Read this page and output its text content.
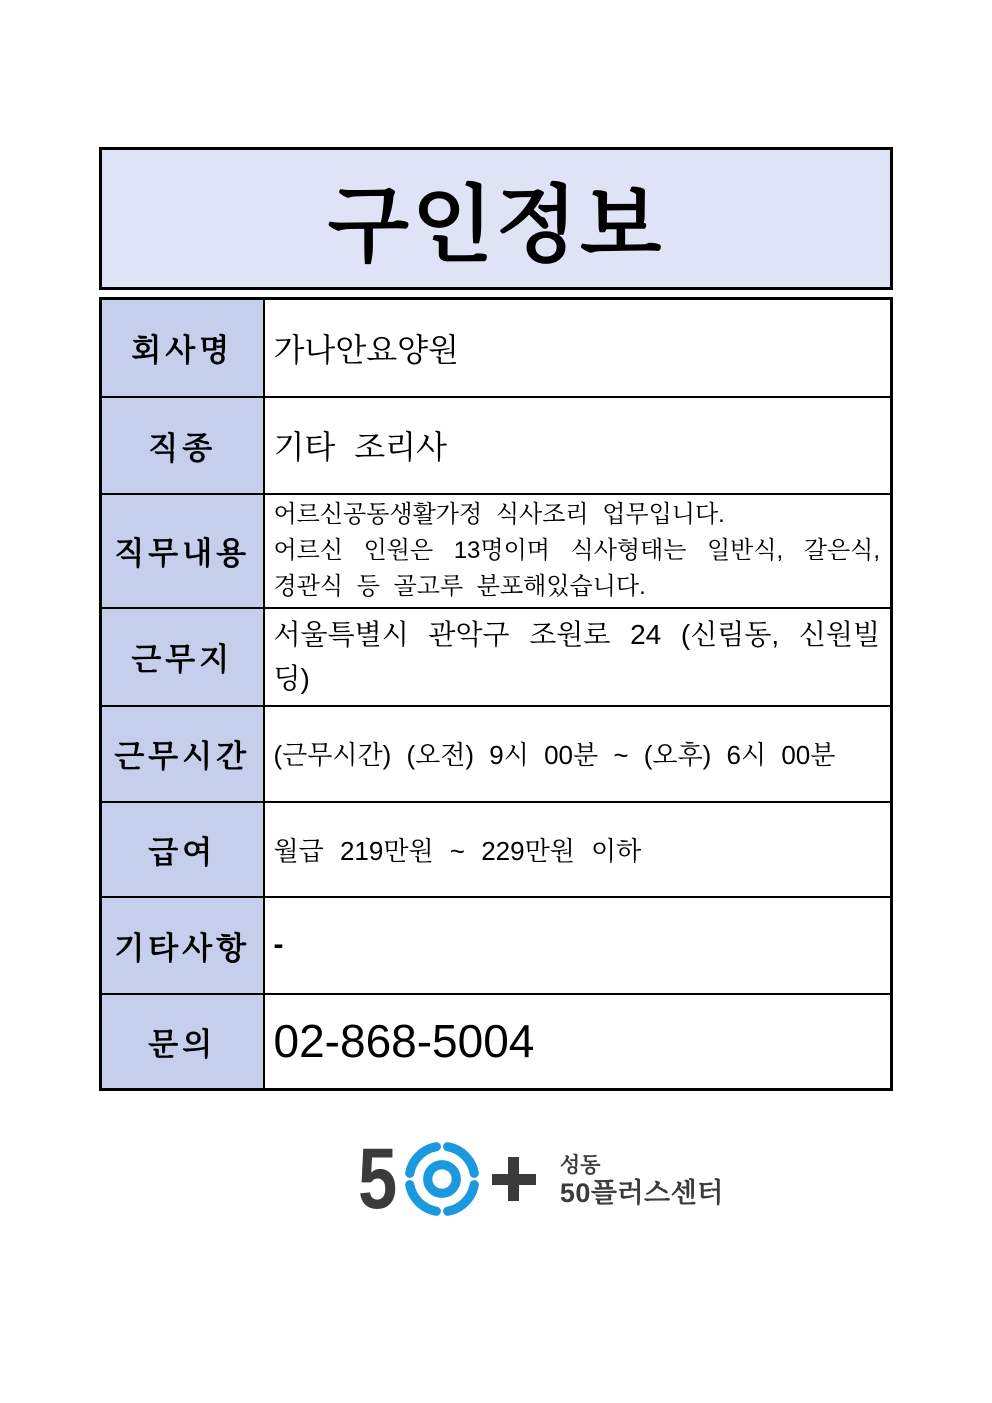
구인정보
회사명	가나안요양원
직종	기타 조리사
직무내용	어르신공동생활가정 식사조리 업무입니다.
어르신 인원은 13명이며 식사형태는 일반식, 갈은식,
경관식 등 골고루 분포해있습니다.

근무지	서울특별시 관악구 조원로 24 (신림동, 신원빌
딩)

근무시간	(근무시간) (오전) 9시 00분 ~ (오후) 6시 00분
급여	월급 219만원 ~ 229만원 이하
기타사항	-
문의	02-868-5004
5	성동
50플러스센터
